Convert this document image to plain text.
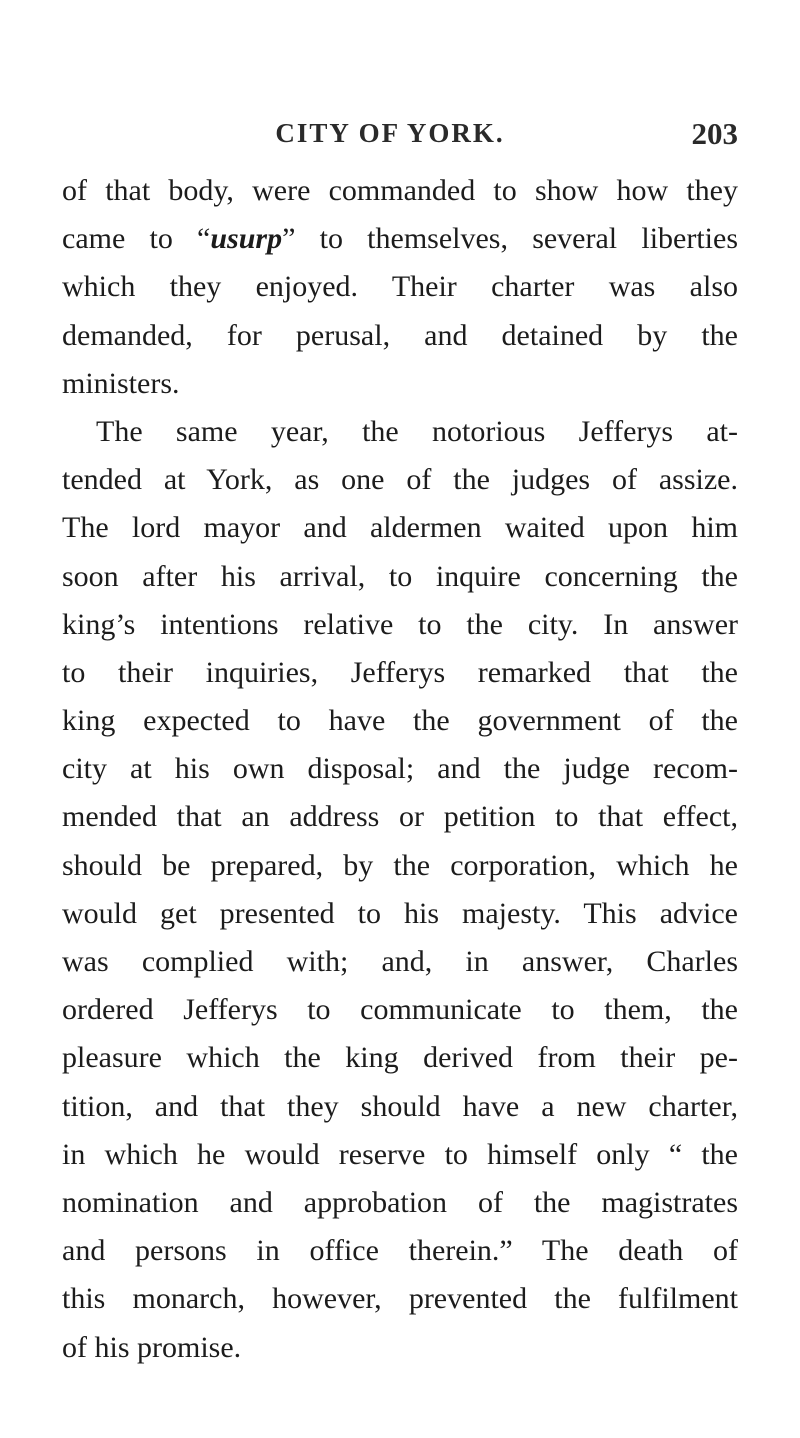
CITY OF YORK.	203
of that body, were commanded to show how they
came to “usurp” to themselves, several liberties
which they enjoyed. Their charter was also
demanded, for perusal, and detained by the
ministers.
The same year, the notorious Jefferys at-
tended at York, as one of the judges of assize.
The lord mayor and aldermen waited upon him
soon after his arrival, to inquire concerning the
king’s intentions relative to the city. In answer
to their inquiries, Jefferys remarked that the
king expected to have the government of the
city at his own disposal; and the judge recom-
mended that an address or petition to that effect,
should be prepared, by the corporation, which he
would get presented to his majesty. This advice
was complied with; and, in answer, Charles
ordered Jefferys to communicate to them, the
pleasure which the king derived from their pe-
tition, and that they should have a new charter,
in which he would reserve to himself only “ the
nomination and approbation of the magistrates
and persons in office therein.” The death of
this monarch, however, prevented the fulfilment
of his promise.
